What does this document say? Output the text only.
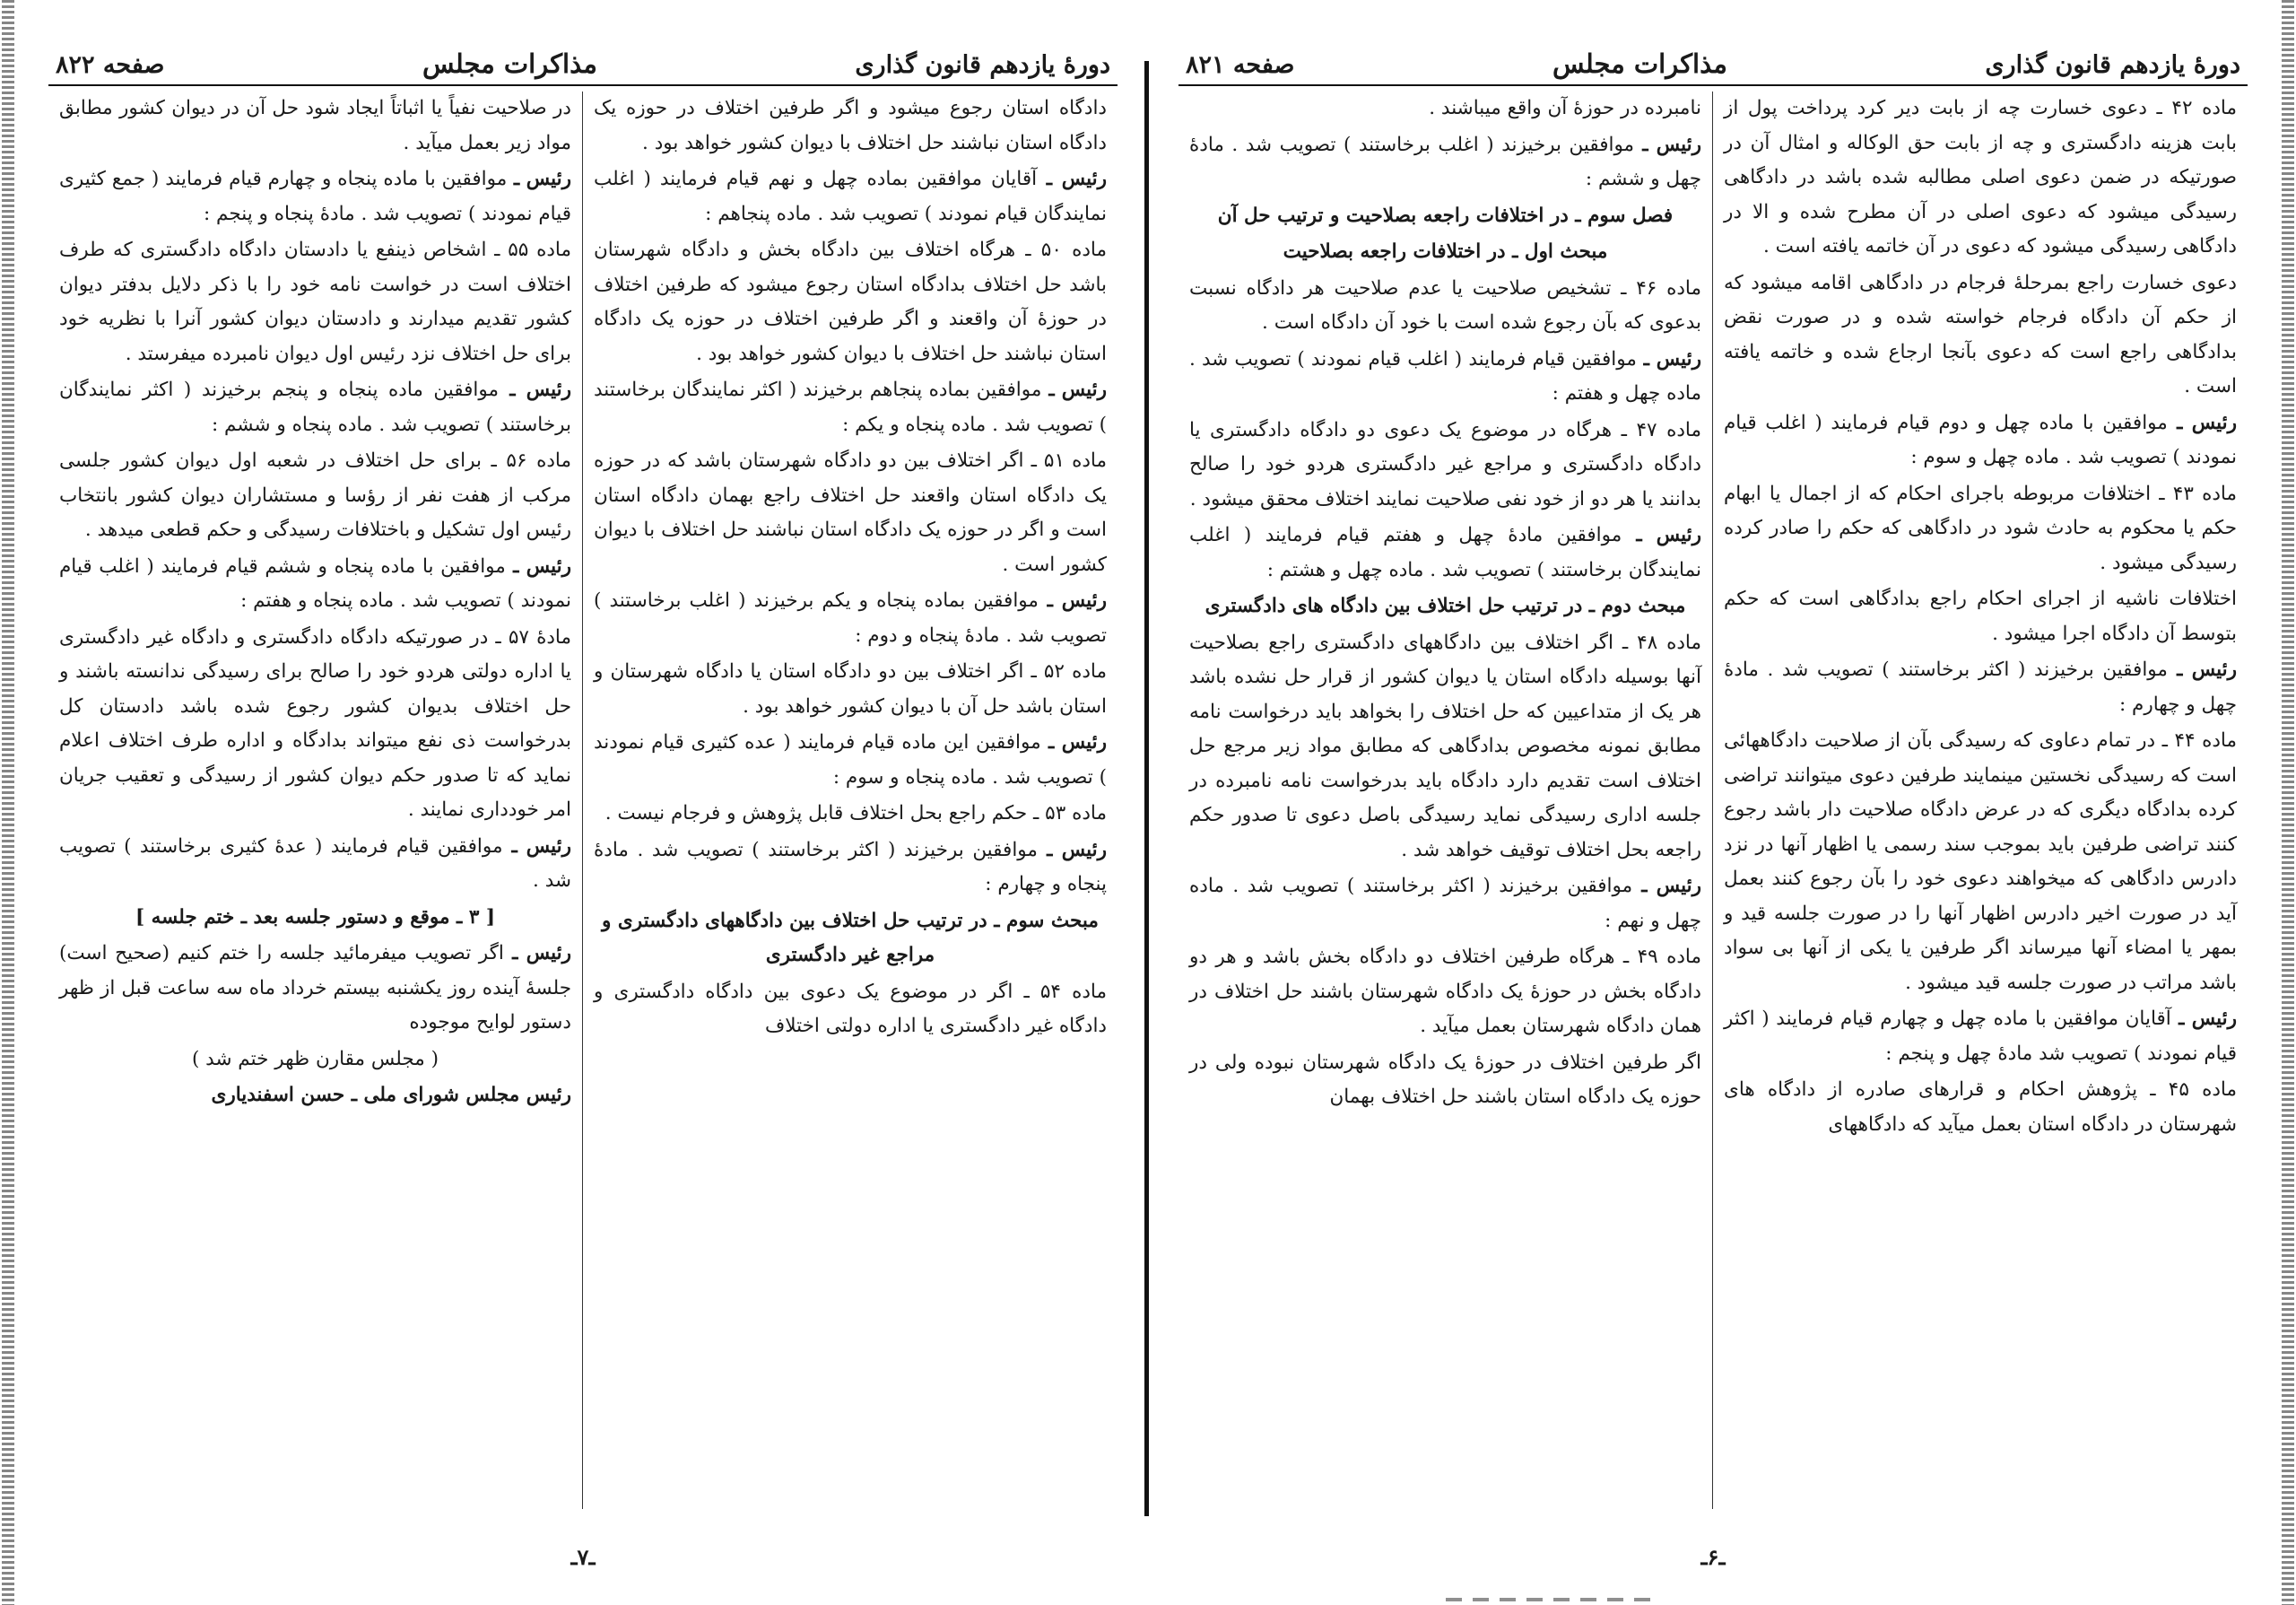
دورهٔ یازدهم قانون گذاری
مذاکرات مجلس
صفحه ۸۲۱

ماده ۴۲ ـ دعوی خسارت چه از بابت دیر کرد پرداخت پول از بابت هزینه دادگستری و چه از بابت حق الوکاله و امثال آن در صورتیکه در ضمن دعوی اصلی مطالبه شده باشد در دادگاهی رسیدگی میشود که دعوی اصلی در آن مطرح شده و الا در دادگاهی رسیدگی میشود که دعوی در آن خاتمه یافته است .

دعوی خسارت راجع بمرحلهٔ فرجام در دادگاهی اقامه میشود که از حکم آن دادگاه فرجام خواسته شده و در صورت نقض بدادگاهی راجع است که دعوی بآنجا ارجاع شده و خاتمه یافته است .

رئیس ـ موافقین با ماده چهل و دوم قیام فرمایند ( اغلب قیام نمودند ) تصویب شد . ماده چهل و سوم :

ماده ۴۳ ـ اختلافات مربوطه باجرای احکام که از اجمال یا ابهام حکم یا محکوم به حادث شود در دادگاهی که حکم را صادر کرده رسیدگی میشود .

اختلافات ناشیه از اجرای احکام راجع بدادگاهی است که حکم بتوسط آن دادگاه اجرا میشود .

رئیس ـ موافقین برخیزند ( اکثر برخاستند ) تصویب شد . مادهٔ چهل و چهارم :

ماده ۴۴ ـ در تمام دعاوی که رسیدگی بآن از صلاحیت دادگاههائی است که رسیدگی نخستین مینمایند طرفین دعوی میتوانند تراضی کرده بدادگاه دیگری که در عرض دادگاه صلاحیت دار باشد رجوع کنند تراضی طرفین باید بموجب سند رسمی یا اظهار آنها در نزد دادرس دادگاهی که میخواهند دعوی خود را بآن رجوع کنند بعمل آید در صورت اخیر دادرس اظهار آنها را در صورت جلسه قید و بمهر یا امضاء آنها میرساند اگر طرفین یا یکی از آنها بی سواد باشد مراتب در صورت جلسه قید میشود .

رئیس ـ آقایان موافقین با ماده چهل و چهارم قیام فرمایند ( اکثر قیام نمودند ) تصویب شد مادهٔ چهل و پنجم :

ماده ۴۵ ـ پژوهش احکام و قرارهای صادره از دادگاه های شهرستان در دادگاه استان بعمل میآید که دادگاههای

نامبرده در حوزهٔ آن واقع میباشند .

رئیس ـ موافقین برخیزند ( اغلب برخاستند ) تصویب شد . مادهٔ چهل و ششم :

فصل سوم ـ در اختلافات راجعه بصلاحیت و ترتیب حل آن

مبحث اول ـ در اختلافات راجعه بصلاحیت

ماده ۴۶ ـ تشخیص صلاحیت یا عدم صلاحیت هر دادگاه نسبت بدعوی که بآن رجوع شده است با خود آن دادگاه است .

رئیس ـ موافقین قیام فرمایند ( اغلب قیام نمودند ) تصویب شد . ماده چهل و هفتم :

ماده ۴۷ ـ هرگاه در موضوع یک دعوی دو دادگاه دادگستری یا دادگاه دادگستری و مراجع غیر دادگستری هردو خود را صالح بدانند یا هر دو از خود نفی صلاحیت نمایند اختلاف محقق میشود .

رئیس ـ موافقین مادهٔ چهل و هفتم قیام فرمایند ( اغلب نمایندگان برخاستند ) تصویب شد . ماده چهل و هشتم :

مبحث دوم ـ در ترتیب حل اختلاف بین دادگاه های دادگستری

ماده ۴۸ ـ اگر اختلاف بین دادگاههای دادگستری راجع بصلاحیت آنها بوسیله دادگاه استان یا دیوان کشور از قرار حل نشده باشد هر یک از متداعیین که حل اختلاف را بخواهد باید درخواست نامه مطابق نمونه مخصوص بدادگاهی که مطابق مواد زیر مرجع حل اختلاف است تقدیم دارد دادگاه باید بدرخواست نامه نامبرده در جلسه اداری رسیدگی نماید رسیدگی باصل دعوی تا صدور حکم راجعه بحل اختلاف توقیف خواهد شد .

رئیس ـ موافقین برخیزند ( اکثر برخاستند ) تصویب شد . ماده چهل و نهم :

ماده ۴۹ ـ هرگاه طرفین اختلاف دو دادگاه بخش باشد و هر دو دادگاه بخش در حوزهٔ یک دادگاه شهرستان باشند حل اختلاف در همان دادگاه شهرستان بعمل میآید .

اگر طرفین اختلاف در حوزهٔ یک دادگاه شهرستان نبوده ولی در حوزه یک دادگاه استان باشند حل اختلاف بهمان

ـ۶ـ
دورهٔ یازدهم قانون گذاری
مذاکرات مجلس
صفحه ۸۲۲

دادگاه استان رجوع میشود و اگر طرفین اختلاف در حوزه یک دادگاه استان نباشند حل اختلاف با دیوان کشور خواهد بود .

رئیس ـ آقایان موافقین بماده چهل و نهم قیام فرمایند ( اغلب نمایندگان قیام نمودند ) تصویب شد . ماده پنجاهم :

ماده ۵۰ ـ هرگاه اختلاف بین دادگاه بخش و دادگاه شهرستان باشد حل اختلاف بدادگاه استان رجوع میشود که طرفین اختلاف در حوزهٔ آن واقعند و اگر طرفین اختلاف در حوزه یک دادگاه استان نباشند حل اختلاف با دیوان کشور خواهد بود .

رئیس ـ موافقین بماده پنجاهم برخیزند ( اکثر نمایندگان برخاستند ) تصویب شد . ماده پنجاه و یکم :

ماده ۵۱ ـ اگر اختلاف بین دو دادگاه شهرستان باشد که در حوزه یک دادگاه استان واقعند حل اختلاف راجع بهمان دادگاه استان است و اگر در حوزه یک دادگاه استان نباشند حل اختلاف با دیوان کشور است .

رئیس ـ موافقین بماده پنجاه و یکم برخیزند ( اغلب برخاستند ) تصویب شد . مادهٔ پنجاه و دوم :

ماده ۵۲ ـ اگر اختلاف بین دو دادگاه استان یا دادگاه شهرستان و استان باشد حل آن با دیوان کشور خواهد بود .

رئیس ـ موافقین این ماده قیام فرمایند ( عده کثیری قیام نمودند ) تصویب شد . ماده پنجاه و سوم :

ماده ۵۳ ـ حکم راجع بحل اختلاف قابل پژوهش و فرجام نیست .

رئیس ـ موافقین برخیزند ( اکثر برخاستند ) تصویب شد . مادهٔ پنجاه و چهارم :

مبحث سوم ـ در ترتیب حل اختلاف بین دادگاههای دادگستری و مراجع غیر دادگستری

ماده ۵۴ ـ اگر در موضوع یک دعوی بین دادگاه دادگستری و دادگاه غیر دادگستری یا اداره دولتی اختلاف

در صلاحیت نفیاً یا اثباتاً ایجاد شود حل آن در دیوان کشور مطابق مواد زیر بعمل میآید .

رئیس ـ موافقین با ماده پنجاه و چهارم قیام فرمایند ( جمع کثیری قیام نمودند ) تصویب شد . مادهٔ پنجاه و پنجم :

ماده ۵۵ ـ اشخاص ذینفع یا دادستان دادگاه دادگستری که طرف اختلاف است در خواست نامه خود را با ذکر دلایل بدفتر دیوان کشور تقدیم میدارند و دادستان دیوان کشور آنرا با نظریه خود برای حل اختلاف نزد رئیس اول دیوان نامبرده میفرستد .

رئیس ـ موافقین ماده پنجاه و پنجم برخیزند ( اکثر نمایندگان برخاستند ) تصویب شد . ماده پنجاه و ششم :

ماده ۵۶ ـ برای حل اختلاف در شعبه اول دیوان کشور جلسی مرکب از هفت نفر از رؤسا و مستشاران دیوان کشور بانتخاب رئیس اول تشکیل و باختلافات رسیدگی و حکم قطعی میدهد .

رئیس ـ موافقین با ماده پنجاه و ششم قیام فرمایند ( اغلب قیام نمودند ) تصویب شد . ماده پنجاه و هفتم :

مادهٔ ۵۷ ـ در صورتیکه دادگاه دادگستری و دادگاه غیر دادگستری یا اداره دولتی هردو خود را صالح برای رسیدگی ندانسته باشند و حل اختلاف بدیوان کشور رجوع شده باشد دادستان کل بدرخواست ذی نفع میتواند بدادگاه و اداره طرف اختلاف اعلام نماید که تا صدور حکم دیوان کشور از رسیدگی و تعقیب جریان امر خودداری نمایند .

رئیس ـ موافقین قیام فرمایند ( عدهٔ کثیری برخاستند ) تصویب شد .

[ ۳ ـ موقع و دستور جلسه بعد ـ ختم جلسه ]

رئیس ـ اگر تصویب میفرمائید جلسه را ختم کنیم (صحیح است) جلسهٔ آینده روز یکشنبه بیستم خرداد ماه سه ساعت قبل از ظهر دستور لوایح موجوده

( مجلس مقارن ظهر ختم شد )

رئیس مجلس شورای ملی ـ حسن اسفندیاری

ـ۷ـ
